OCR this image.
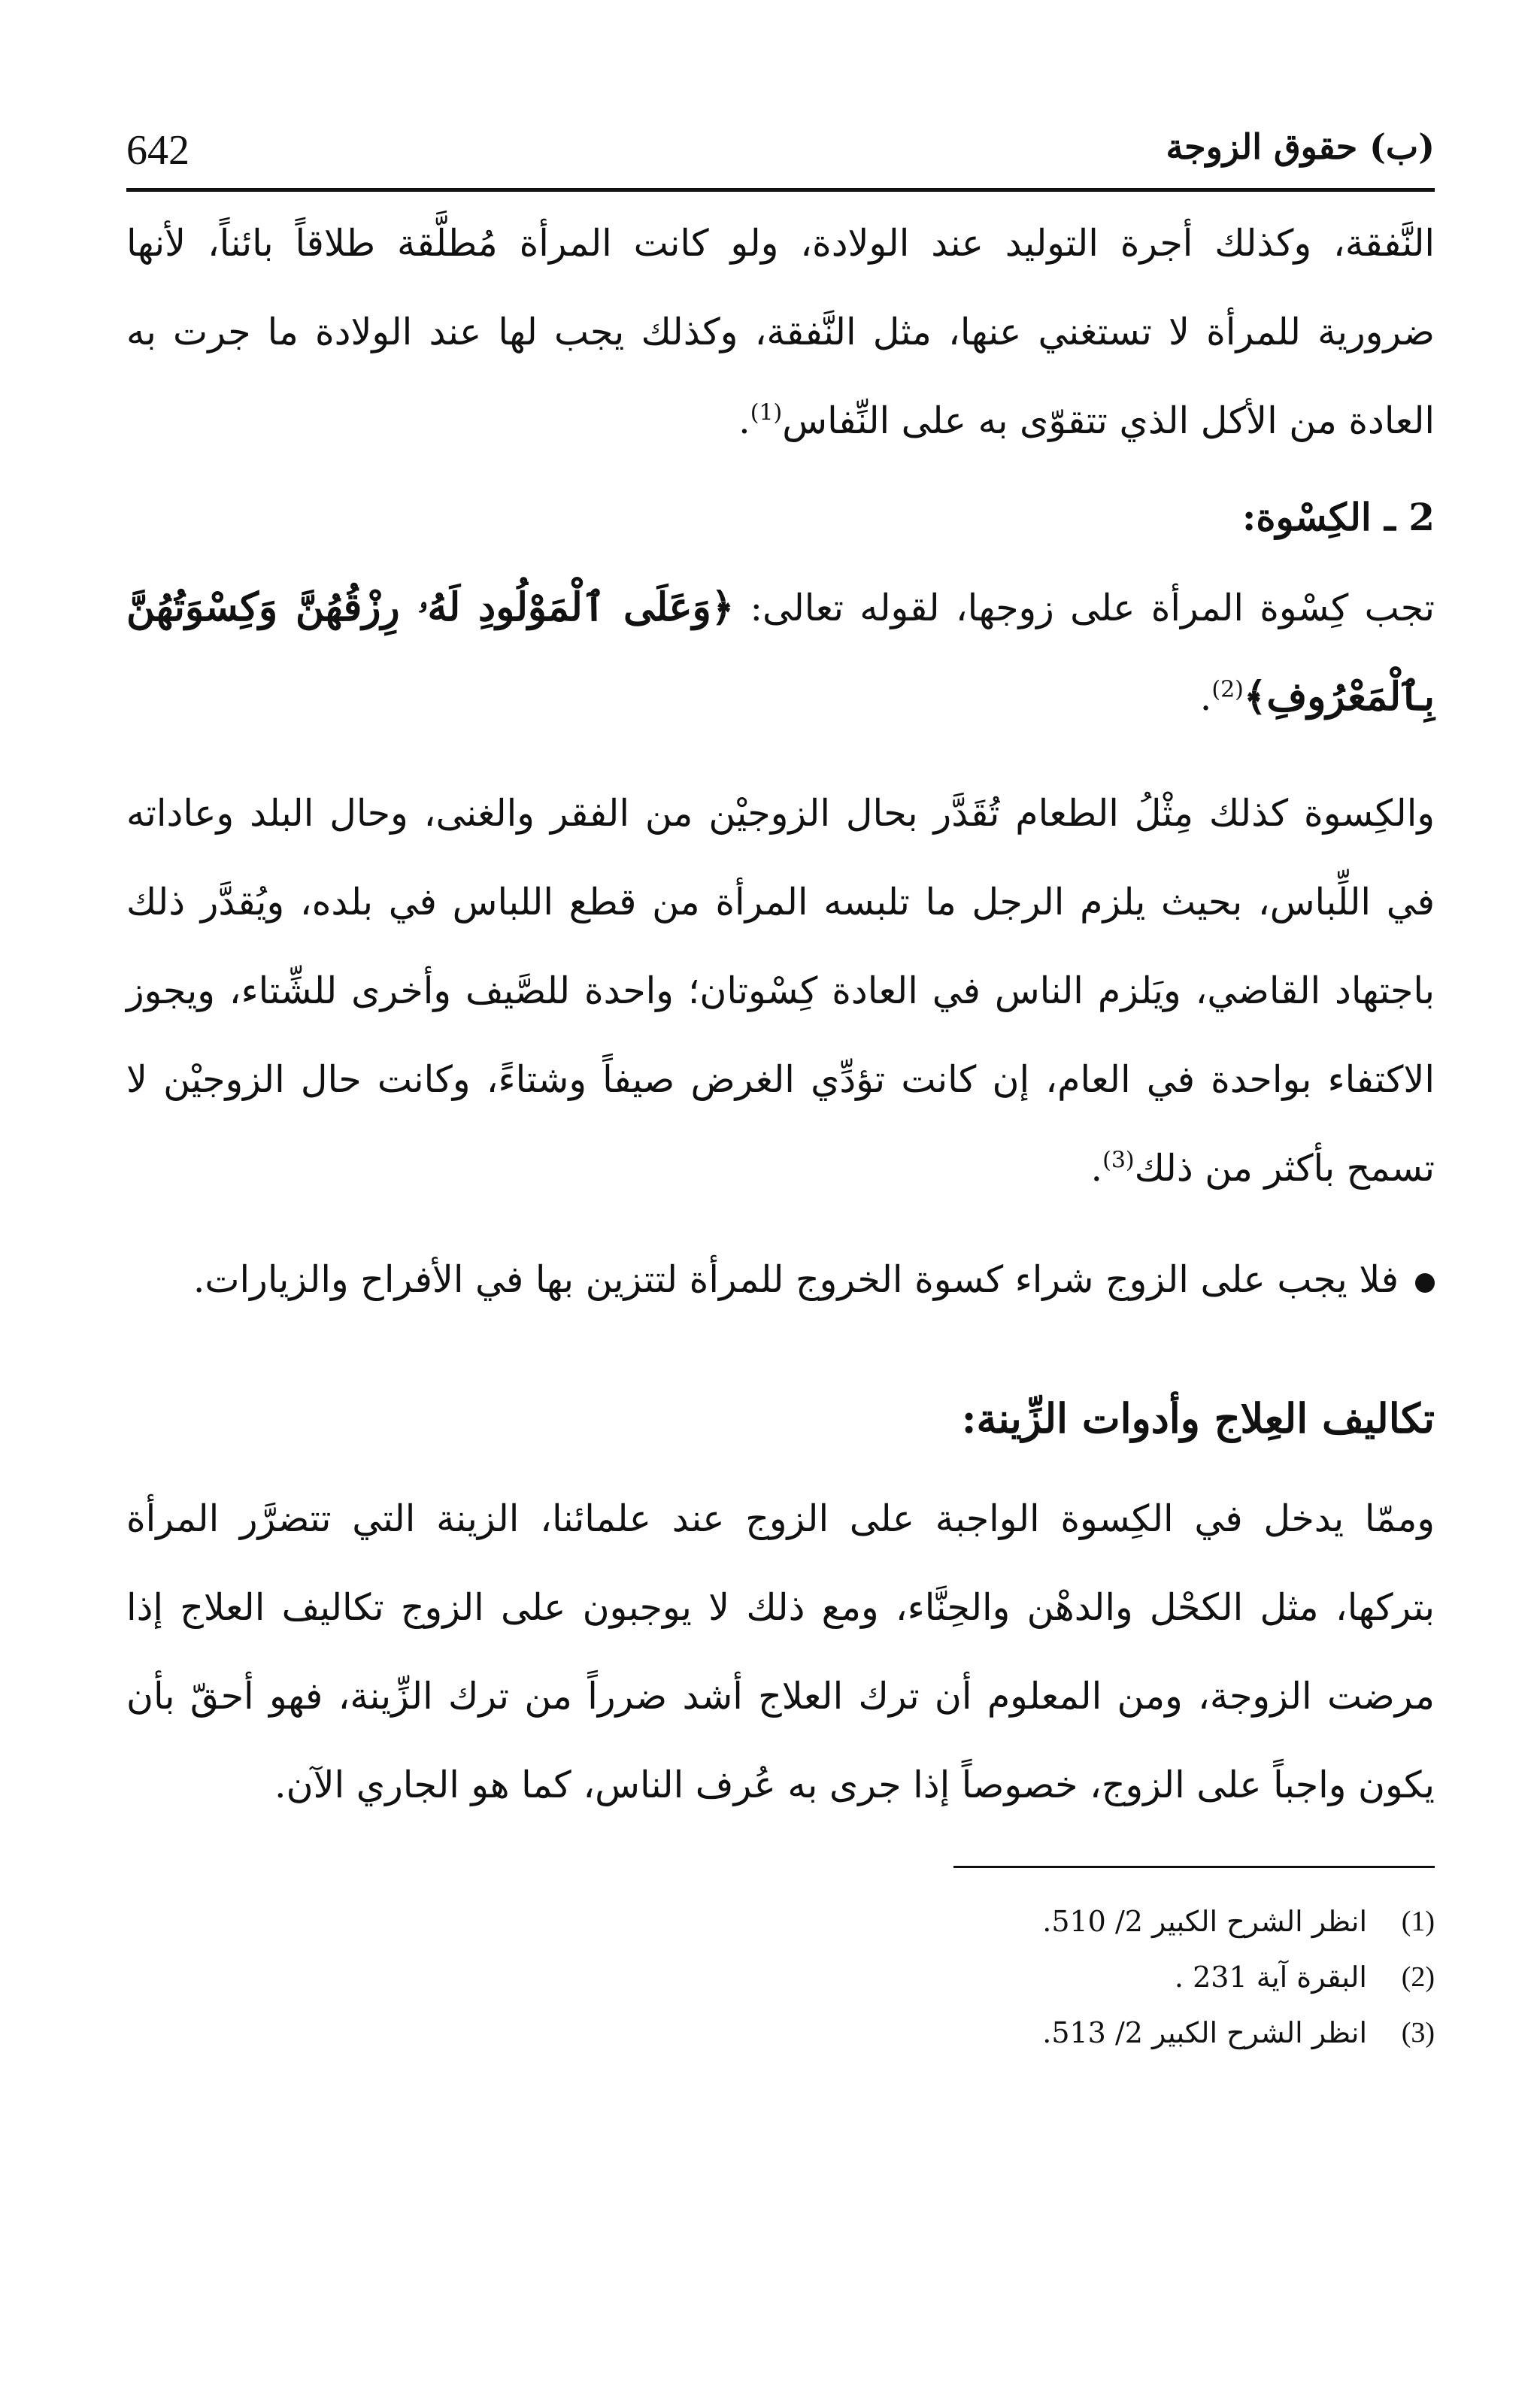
642	(ب) حقوق الزوجة

النَّفقة، وكذلك أجرة التوليد عند الولادة، ولو كانت المرأة مُطلَّقة طلاقاً بائناً، لأنها ضرورية للمرأة لا تستغني عنها، مثل النَّفقة، وكذلك يجب لها عند الولادة ما جرت به العادة من الأكل الذي تتقوّى به على النِّفاس$^{(1)}$.

2 ـ الكِسْوة:

تجب كِسْوة المرأة على زوجها، لقوله تعالى: ﴿وَعَلَى ٱلْمَوْلُودِ لَهُۥ رِزْقُهُنَّ وَكِسْوَتُهُنَّ بِٱلْمَعْرُوفِ﴾$^{(2)}$.

والكِسوة كذلك مِثْلُ الطعام تُقَدَّر بحال الزوجيْن من الفقر والغنى، وحال البلد وعاداته في اللِّباس، بحيث يلزم الرجل ما تلبسه المرأة من قطع اللباس في بلده، ويُقدَّر ذلك باجتهاد القاضي، ويَلزم الناس في العادة كِسْوتان؛ واحدة للصَّيف وأخرى للشِّتاء، ويجوز الاكتفاء بواحدة في العام، إن كانت تؤدِّي الغرض صيفاً وشتاءً، وكانت حال الزوجيْن لا تسمح بأكثر من ذلك$^{(3)}$.

فلا يجب على الزوج شراء كسوة الخروج للمرأة لتتزين بها في الأفراح والزيارات.

تكاليف العِلاج وأدوات الزِّينة:

وممّا يدخل في الكِسوة الواجبة على الزوج عند علمائنا، الزينة التي تتضرَّر المرأة بتركها، مثل الكحْل والدهْن والحِنَّاء، ومع ذلك لا يوجبون على الزوج تكاليف العلاج إذا مرضت الزوجة، ومن المعلوم أن ترك العلاج أشد ضرراً من ترك الزِّينة، فهو أحقّ بأن يكون واجباً على الزوج، خصوصاً إذا جرى به عُرف الناس، كما هو الجاري الآن.

(1)
انظر الشرح الكبير 2/ 510.
(2)
البقرة آية 231 .
(3)
انظر الشرح الكبير 2/ 513.
